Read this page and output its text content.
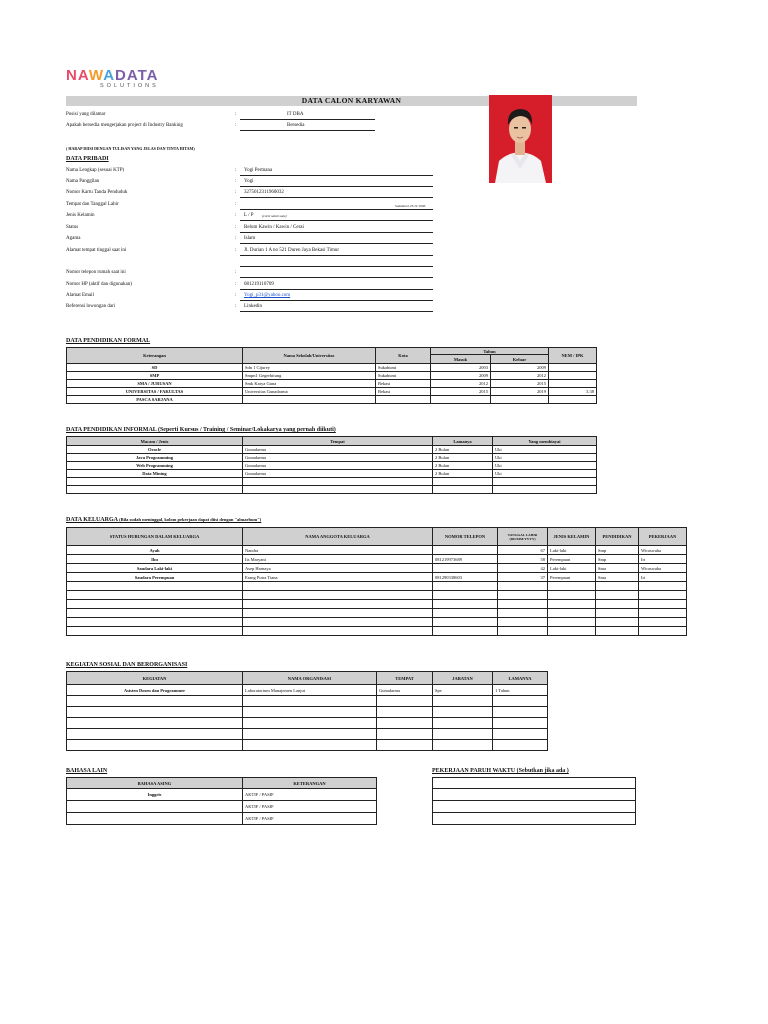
NAWADATA
SOLUTIONS
DATA CALON KARYAWAN
Posisi yang dilamar	:	IT DBA
Apakah bersedia mengerjakan project di Industry Banking	:	Bersedia
( HARAP DIISI DENGAN TULISAN YANG JELAS DAN TINTA HITAM)
DATA PRIBADI
Nama Lengkap (sesuai KTP)	: Yogi Permana
Nama Panggilan	: Yogi
Nomor Kartu Tanda Penduduk	: 3275012311960032
Tempat dan Tanggal Lahir	:	Sukabumi 23/11/1996
Jenis Kelamin	: L / P	(coret salah satu)
Status	: Belum Kawin / Kawin / Cerai
Agama	: Islam
Alamat tempat tinggal saat ini	: Jl. Durian 1 A no 521 Duren Jaya Bekasi Timur
Nomor telepon rumah saat ini	:
Nomor HP (aktif dan digunakan)	: 081219110709
Alamat Email	: Yogi_p31@yahoo.com
Referensi lowongan dari	: Linkedin
DATA PENDIDIKAN FORMAL
Keterangan	Nama Sekolah/Universitas	Kota	Tahun		NEM / IPK
			Masuk	Keluar	
SD	Sdn 1 Cijurey	Sukabumi	2003	2009	
SMP	Smpn1 Gegerbitung	Sukabumi	2009	2012	
SMA / JURUSAN	Smk Karya Guna	Bekasi	2012	2015	
UNIVERSITAS / FAKULTAS	Universitas Gunadarma	Bekasi	2015	2019	3.38
PASCA SARJANA					
DATA PENDIDIKAN INFORMAL (Seperti Kursus / Training / Seminar/Lokakarya yang pernah diikuti)
Macam / Jenis	Tempat	Lamanya	Yang membiayai
Oracle	Gunadarma	2 Bulan	Ukt
Java Programming	Gunadarma	2 Bulan	Ukt
Web Programming	Gunadarma	2 Bulan	Ukt
Data Mining	Gunadarma	2 Bulan	Ukt

DATA KELUARGA (Bila sudah meninggal, kolom pekerjaan dapat diisi dengan "almarhum")
STATUS HUBUNGAN DALAM KELUARGA	NAMA ANGGOTA KELUARGA	NOMOR TELEPON	TANGGAL LAHIR (DD/MM/YYYY)	JENIS KELAMIN	PENDIDIKAN	PEKERJAAN
Ayah	Nandra		67	Laki-laki	Smp	Wiraswaha
Ibu	Iis Maryani	081219973689	58	Perempuan	Smp	Irt
Saudara Laki-laki	Asep Harnaya		42	Laki-laki	Sma	Wiraswaha
Saudara Perempuan	Erang Putra Tiana	081290338603	37	Perempuan	Sma	Irt

KEGIATAN SOSIAL DAN BERORGANISASI
KEGIATAN	NAMA ORGANISASI	TEMPAT	JABATAN	LAMANYA
Asisten Dosen dan Programmer	Laboratorium Manajemen Lanjut	Gunadarma	Spv	1 Tahun

BAHASA LAIN
BAHASA ASING	KETERANGAN
Inggris	AKTIF / PASIF
	AKTIF / PASIF
	AKTIF / PASIF
PEKERJAAN PARUH WAKTU (Sebutkan jika ada )
